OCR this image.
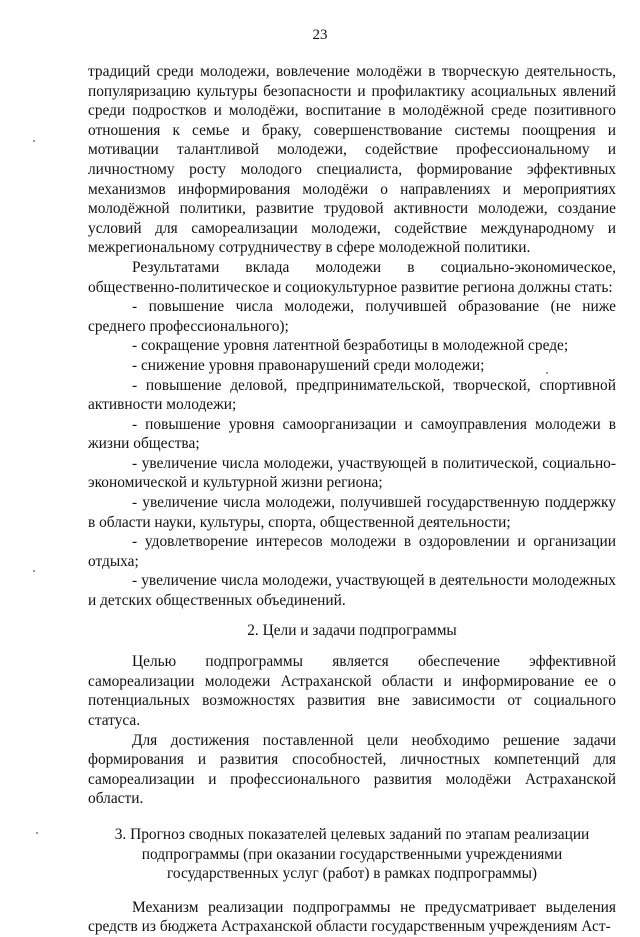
23

традиций среди молодежи, вовлечение молодёжи в творческую деятельность, популяризацию культуры безопасности и профилактику асоциальных явлений среди подростков и молодёжи, воспитание в молодёжной среде позитивного отношения к семье и браку, совершенствование системы поощрения и мотивации талантливой молодежи, содействие профессиональному и личностному росту молодого специалиста, формирование эффективных механизмов информирования молодёжи о направлениях и мероприятиях молодёжной политики, развитие трудовой активности молодежи, создание условий для самореализации молодежи, содействие международному и межрегиональному сотрудничеству в сфере молодежной политики.

Результатами вклада молодежи в социально-экономическое, общественно-политическое и социокультурное развитие региона должны стать:

- повышение числа молодежи, получившей образование (не ниже среднего профессионального);

- сокращение уровня латентной безработицы в молодежной среде;

- снижение уровня правонарушений среди молодежи;

- повышение деловой, предпринимательской, творческой, спортивной активности молодежи;

- повышение уровня самоорганизации и самоуправления молодежи в жизни общества;

- увеличение числа молодежи, участвующей в политической, социально-экономической и культурной жизни региона;

- увеличение числа молодежи, получившей государственную поддержку в области науки, культуры, спорта, общественной деятельности;

- удовлетворение интересов молодежи в оздоровлении и организации отдыха;

- увеличение числа молодежи, участвующей в деятельности молодежных и детских общественных объединений.

2. Цели и задачи подпрограммы

Целью подпрограммы является обеспечение эффективной самореализации молодежи Астраханской области и информирование ее о потенциальных возможностях развития вне зависимости от социального статуса.

Для достижения поставленной цели необходимо решение задачи формирования и развития способностей, личностных компетенций для самореализации и профессионального развития молодёжи Астраханской области.

3. Прогноз сводных показателей целевых заданий по этапам реализации подпрограммы (при оказании государственными учреждениями государственных услуг (работ) в рамках подпрограммы)

Механизм реализации подпрограммы не предусматривает выделения средств из бюджета Астраханской области государственным учреждениям Аст-
